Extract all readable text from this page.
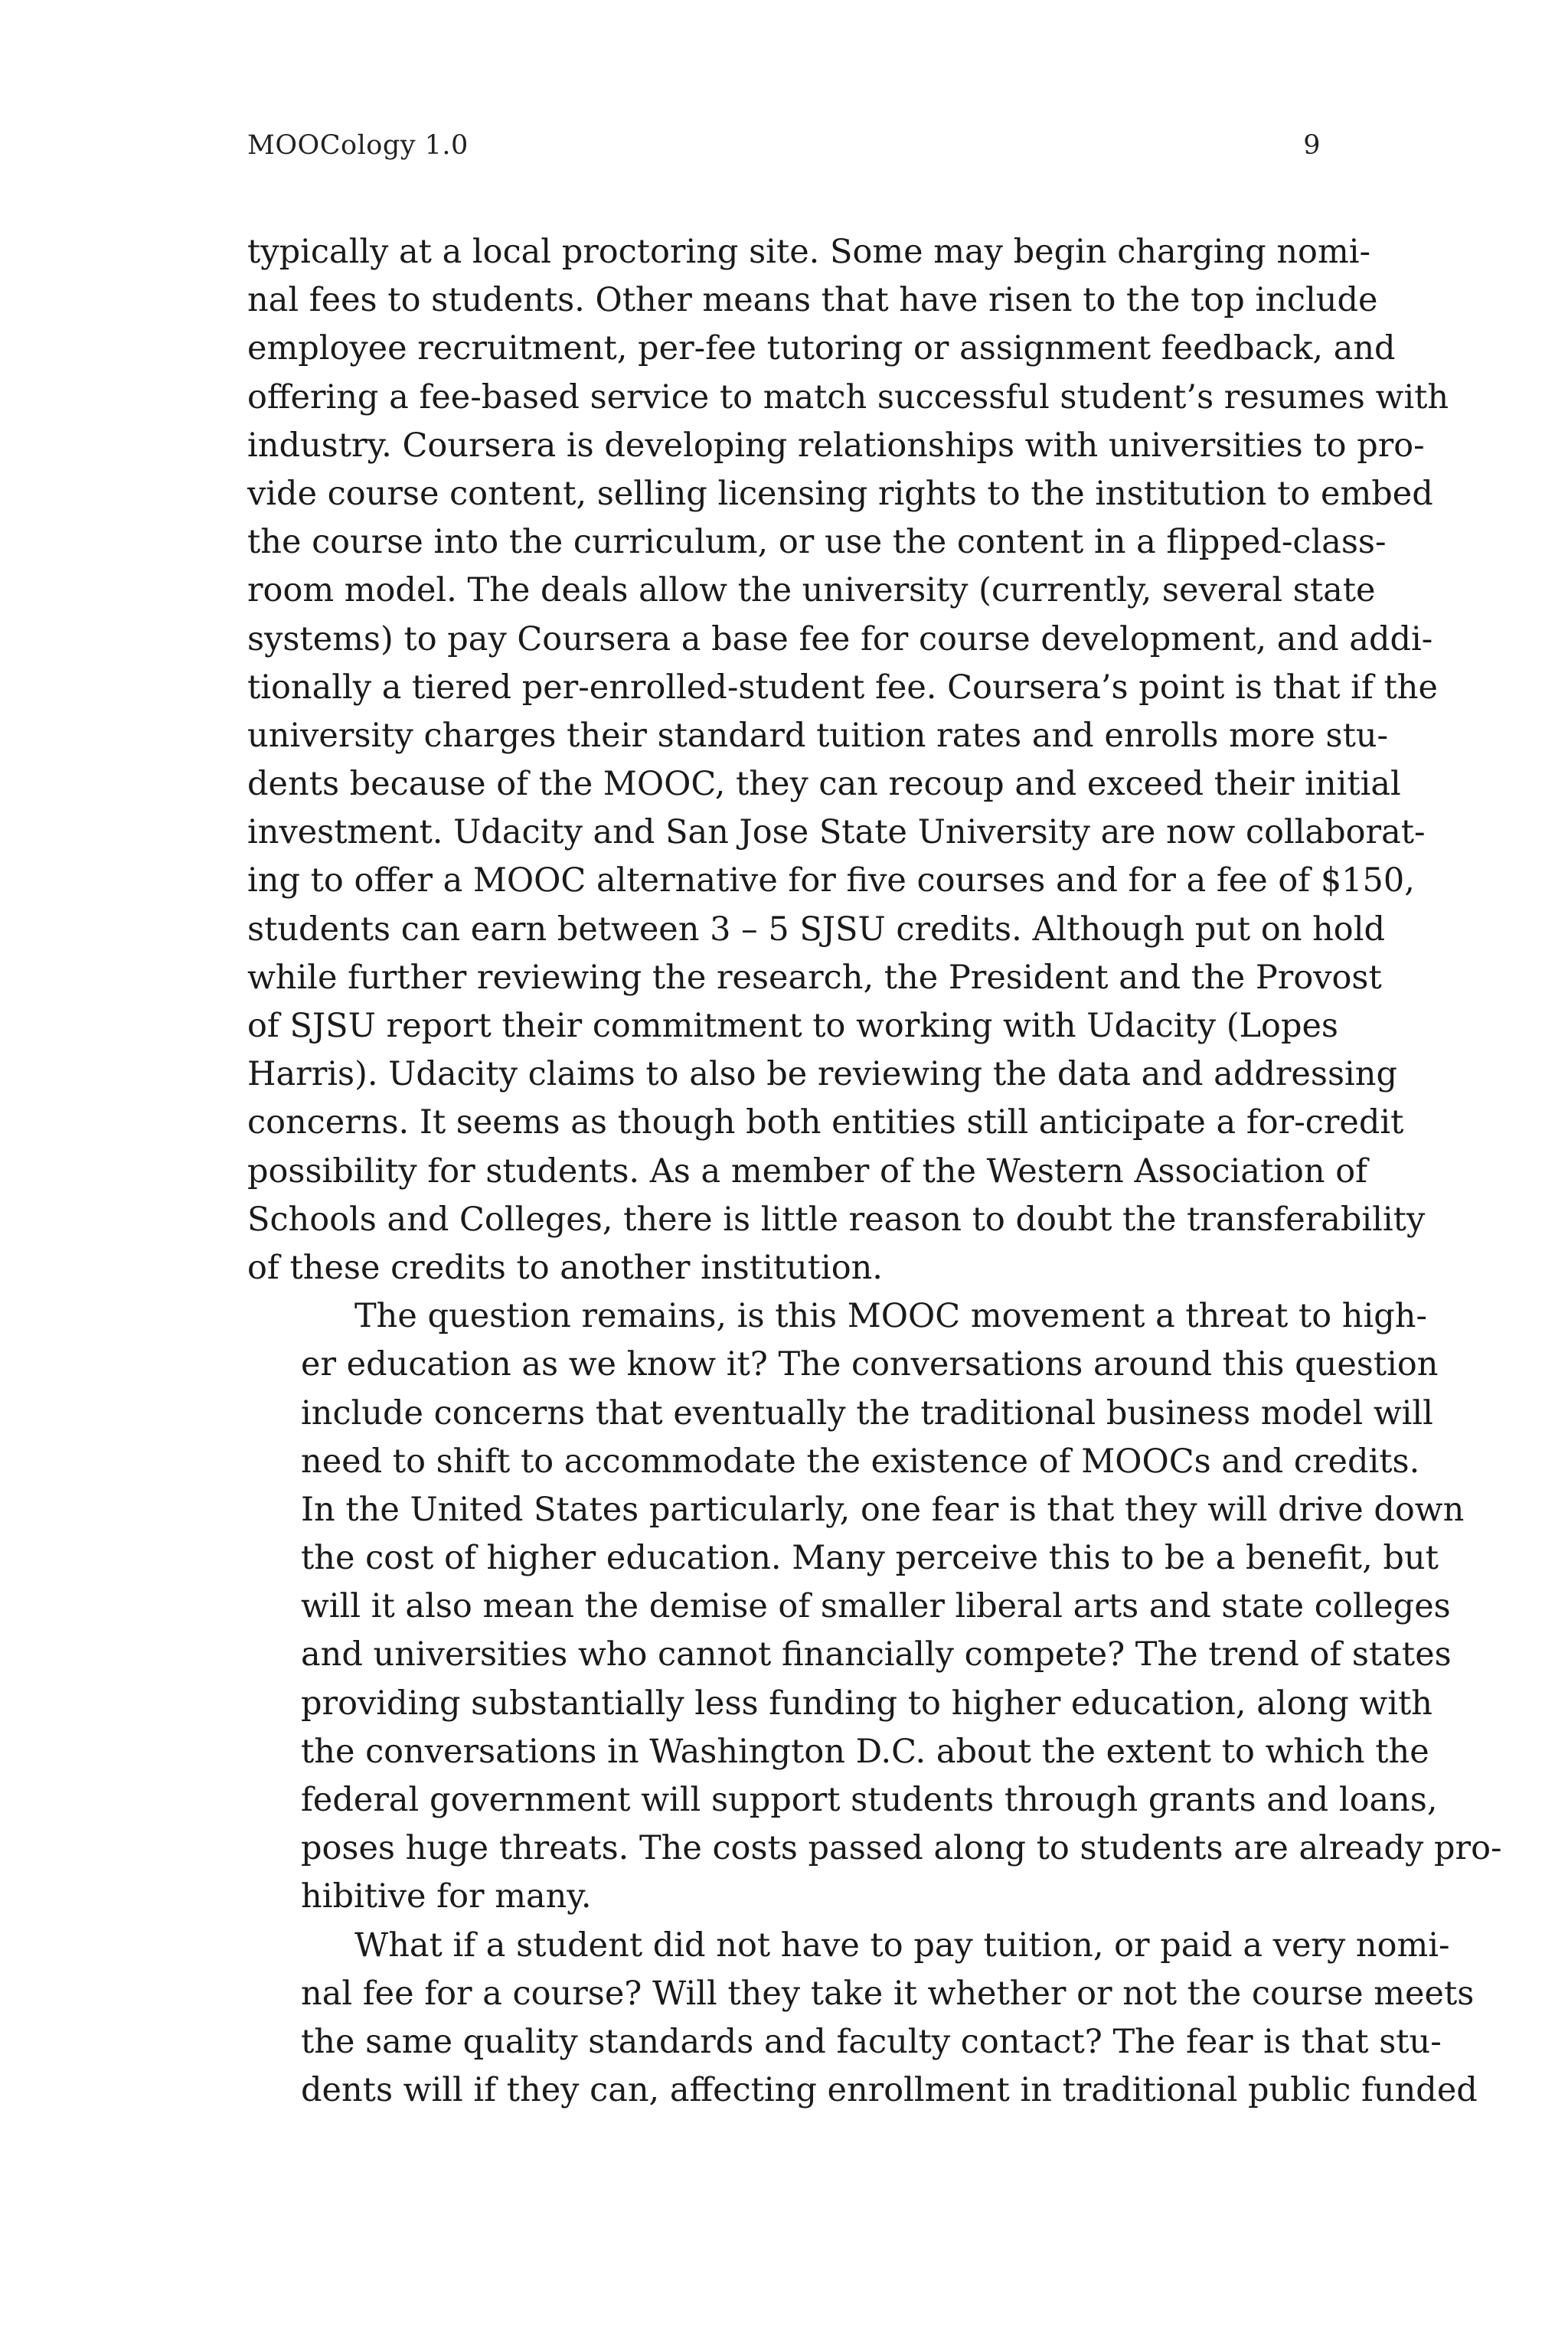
MOOCology 1.0	9
typically at a local proctoring site. Some may begin charging nomi-
nal fees to students. Other means that have risen to the top include
employee recruitment, per-fee tutoring or assignment feedback, and
offering a fee-based service to match successful student’s resumes with
industry. Coursera is developing relationships with universities to pro-
vide course content, selling licensing rights to the institution to embed
the course into the curriculum, or use the content in a flipped-class-
room model. The deals allow the university (currently, several state
systems) to pay Coursera a base fee for course development, and addi-
tionally a tiered per-enrolled-student fee. Coursera’s point is that if the
university charges their standard tuition rates and enrolls more stu-
dents because of the MOOC, they can recoup and exceed their initial
investment. Udacity and San Jose State University are now collaborat-
ing to offer a MOOC alternative for five courses and for a fee of $150,
students can earn between 3 – 5 SJSU credits. Although put on hold
while further reviewing the research, the President and the Provost
of SJSU report their commitment to working with Udacity (Lopes
Harris). Udacity claims to also be reviewing the data and addressing
concerns. It seems as though both entities still anticipate a for-credit
possibility for students. As a member of the Western Association of
Schools and Colleges, there is little reason to doubt the transferability
of these credits to another institution.
The question remains, is this MOOC movement a threat to high-
er education as we know it? The conversations around this question
include concerns that eventually the traditional business model will
need to shift to accommodate the existence of MOOCs and credits.
In the United States particularly, one fear is that they will drive down
the cost of higher education. Many perceive this to be a benefit, but
will it also mean the demise of smaller liberal arts and state colleges
and universities who cannot financially compete? The trend of states
providing substantially less funding to higher education, along with
the conversations in Washington D.C. about the extent to which the
federal government will support students through grants and loans,
poses huge threats. The costs passed along to students are already pro-
hibitive for many.
What if a student did not have to pay tuition, or paid a very nomi-
nal fee for a course? Will they take it whether or not the course meets
the same quality standards and faculty contact? The fear is that stu-
dents will if they can, affecting enrollment in traditional public funded
